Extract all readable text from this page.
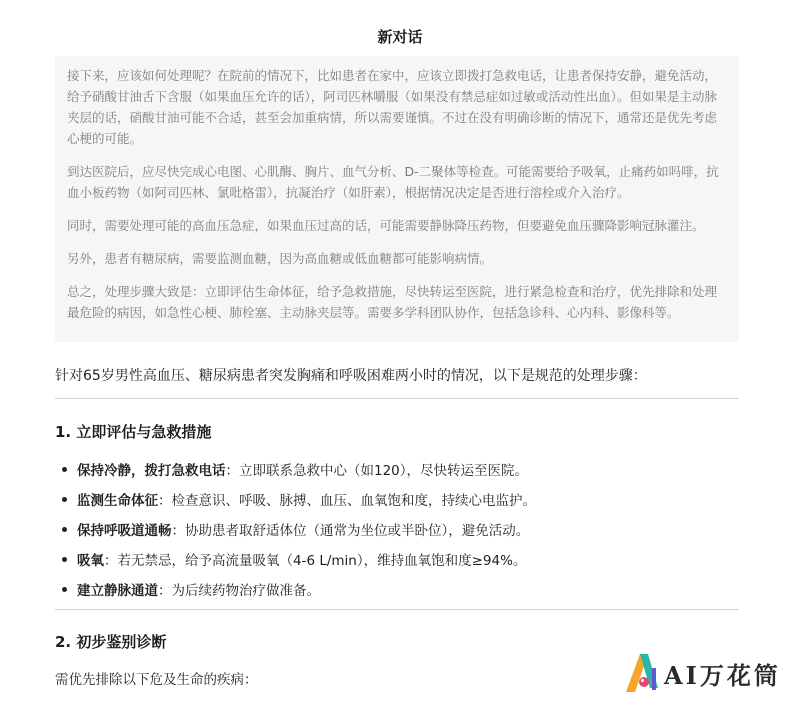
新对话

接下来，应该如何处理呢？在院前的情况下，比如患者在家中，应该立即拨打急救电话，让患者保持安静，避免活动，给予硝酸甘油舌下含服（如果血压允许的话），阿司匹林嚼服（如果没有禁忌症如过敏或活动性出血）。但如果是主动脉夹层的话，硝酸甘油可能不合适，甚至会加重病情，所以需要谨慎。不过在没有明确诊断的情况下，通常还是优先考虑心梗的可能。

到达医院后，应尽快完成心电图、心肌酶、胸片、血气分析、D-二聚体等检查。可能需要给予吸氧，止痛药如吗啡，抗血小板药物（如阿司匹林、氯吡格雷），抗凝治疗（如肝素），根据情况决定是否进行溶栓或介入治疗。

同时，需要处理可能的高血压急症，如果血压过高的话，可能需要静脉降压药物，但要避免血压骤降影响冠脉灌注。

另外，患者有糖尿病，需要监测血糖，因为高血糖或低血糖都可能影响病情。

总之，处理步骤大致是：立即评估生命体征，给予急救措施，尽快转运至医院，进行紧急检查和治疗，优先排除和处理最危险的病因，如急性心梗、肺栓塞、主动脉夹层等。需要多学科团队协作，包括急诊科、心内科、影像科等。

针对65岁男性高血压、糖尿病患者突发胸痛和呼吸困难两小时的情况，以下是规范的处理步骤：
1. 立即评估与急救措施
保持冷静，拨打急救电话：立即联系急救中心（如120），尽快转运至医院。
监测生命体征：检查意识、呼吸、脉搏、血压、血氧饱和度，持续心电监护。
保持呼吸道通畅：协助患者取舒适体位（通常为坐位或半卧位），避免活动。
吸氧：若无禁忌，给予高流量吸氧（4-6 L/min），维持血氧饱和度≥94%。
建立静脉通道：为后续药物治疗做准备。
2. 初步鉴别诊断
需优先排除以下危及生命的疾病：	AI万花筒
